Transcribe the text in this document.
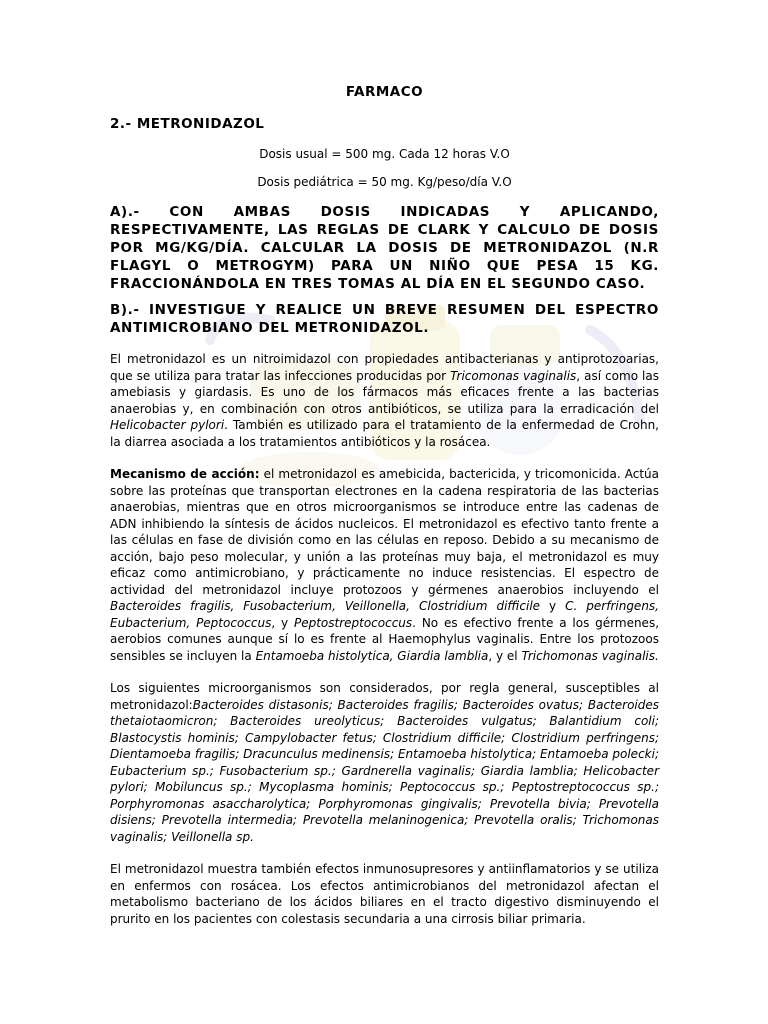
FARMACO

2.- METRONIDAZOL

Dosis usual = 500 mg. Cada 12 horas V.O

Dosis pediátrica = 50 mg. Kg/peso/día V.O

A).- CON AMBAS DOSIS INDICADAS Y APLICANDO, RESPECTIVAMENTE, LAS REGLAS DE CLARK Y CALCULO DE DOSIS POR MG/KG/DÍA. CALCULAR LA DOSIS DE METRONIDAZOL (N.R FLAGYL O METROGYM) PARA UN NIÑO QUE PESA 15 KG. FRACCIONÁNDOLA EN TRES TOMAS AL DÍA EN EL SEGUNDO CASO.

B).- INVESTIGUE Y REALICE UN BREVE RESUMEN DEL ESPECTRO ANTIMICROBIANO DEL METRONIDAZOL.

El metronidazol es un nitroimidazol con propiedades antibacterianas y antiprotozoarias, que se utiliza para tratar las infecciones producidas por Tricomonas vaginalis, así como las amebiasis y giardasis. Es uno de los fármacos más eficaces frente a las bacterias anaerobias y, en combinación con otros antibióticos, se utiliza para la erradicación del Helicobacter pylori. También es utilizado para el tratamiento de la enfermedad de Crohn, la diarrea asociada a los tratamientos antibióticos y la rosácea.

Mecanismo de acción: el metronidazol es amebicida, bactericida, y tricomonicida. Actúa sobre las proteínas que transportan electrones en la cadena respiratoria de las bacterias anaerobias, mientras que en otros microorganismos se introduce entre las cadenas de ADN inhibiendo la síntesis de ácidos nucleicos. El metronidazol es efectivo tanto frente a las células en fase de división como en las células en reposo. Debido a su mecanismo de acción, bajo peso molecular, y unión a las proteínas muy baja, el metronidazol es muy eficaz como antimicrobiano, y prácticamente no induce resistencias. El espectro de actividad del metronidazol incluye protozoos y gérmenes anaerobios incluyendo el Bacteroides fragilis, Fusobacterium, Veillonella, Clostridium difficile y C. perfringens, Eubacterium, Peptococcus, y Peptostreptococcus. No es efectivo frente a los gérmenes, aerobios comunes aunque sí lo es frente al Haemophylus vaginalis. Entre los protozoos sensibles se incluyen la Entamoeba histolytica, Giardia lamblia, y el Trichomonas vaginalis.

Los siguientes microorganismos son considerados, por regla general, susceptibles al metronidazol:Bacteroides distasonis; Bacteroides fragilis; Bacteroides ovatus; Bacteroides thetaiotaomicron; Bacteroides ureolyticus; Bacteroides vulgatus; Balantidium coli; Blastocystis hominis; Campylobacter fetus; Clostridium difficile; Clostridium perfringens; Dientamoeba fragilis; Dracunculus medinensis; Entamoeba histolytica; Entamoeba polecki; Eubacterium sp.; Fusobacterium sp.; Gardnerella vaginalis; Giardia lamblia; Helicobacter pylori; Mobiluncus sp.; Mycoplasma hominis; Peptococcus sp.; Peptostreptococcus sp.; Porphyromonas asaccharolytica; Porphyromonas gingivalis; Prevotella bivia; Prevotella disiens; Prevotella intermedia; Prevotella melaninogenica; Prevotella oralis; Trichomonas vaginalis; Veillonella sp.

El metronidazol muestra también efectos inmunosupresores y antiinflamatorios y se utiliza en enfermos con rosácea. Los efectos antimicrobianos del metronidazol afectan el metabolismo bacteriano de los ácidos biliares en el tracto digestivo disminuyendo el prurito en los pacientes con colestasis secundaria a una cirrosis biliar primaria.
